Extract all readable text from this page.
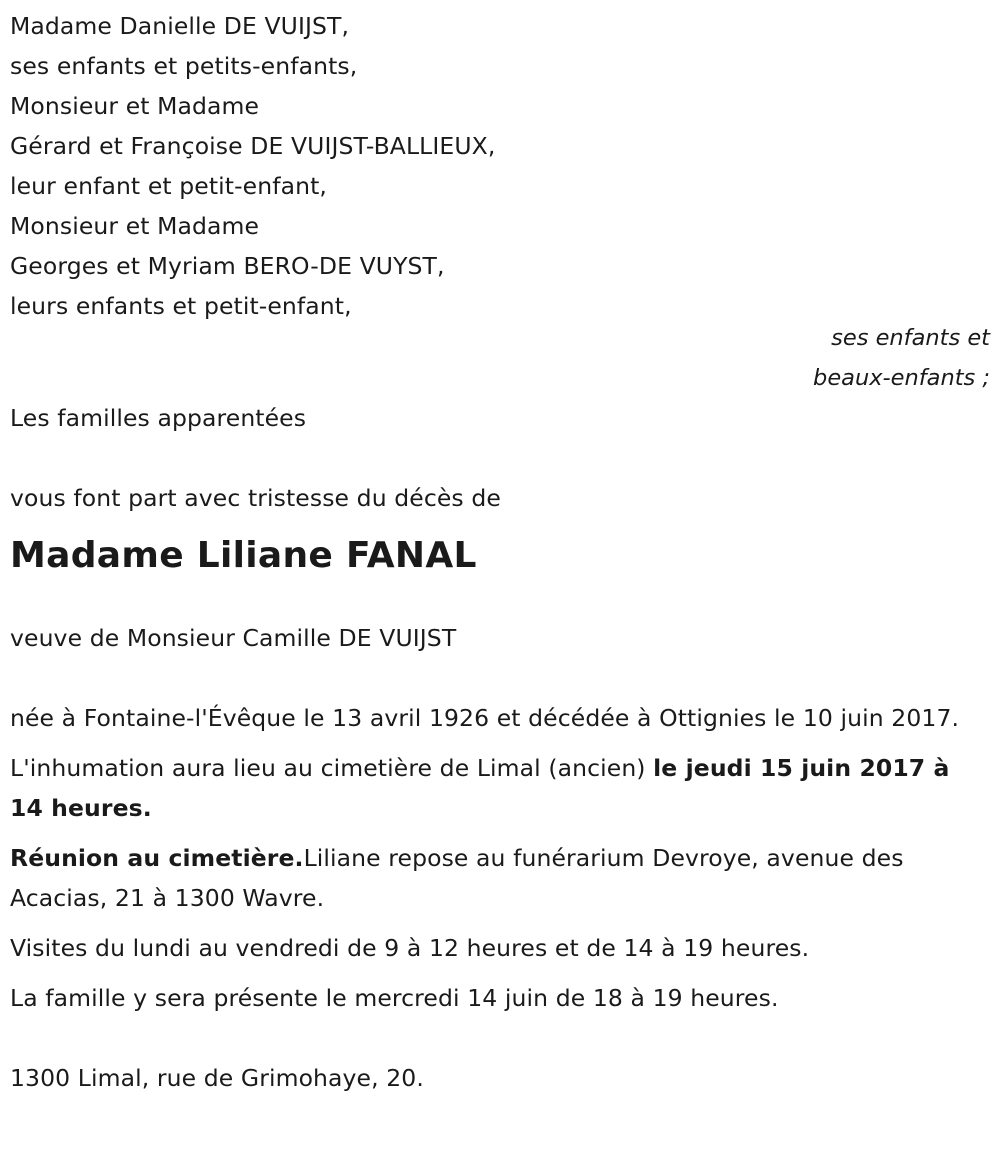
Madame Danielle DE VUIJST,
ses enfants et petits-enfants,
Monsieur et Madame
Gérard et Françoise DE VUIJST-BALLIEUX,
leur enfant et petit-enfant,
Monsieur et Madame
Georges et Myriam BERO-DE VUYST,
leurs enfants et petit-enfant,
ses enfants et
beaux-enfants ;
Les familles apparentées
vous font part avec tristesse du décès de
Madame Liliane FANAL
veuve de Monsieur Camille DE VUIJST
née à Fontaine-l'Évêque le 13 avril 1926 et décédée à Ottignies le 10 juin 2017.
L'inhumation aura lieu au cimetière de Limal (ancien) le jeudi 15 juin 2017 à 14 heures.
Réunion au cimetière.Liliane repose au funérarium Devroye, avenue des Acacias, 21 à 1300 Wavre.
Visites du lundi au vendredi de 9 à 12 heures et de 14 à 19 heures.
La famille y sera présente le mercredi 14 juin de 18 à 19 heures.
1300 Limal, rue de Grimohaye, 20.
